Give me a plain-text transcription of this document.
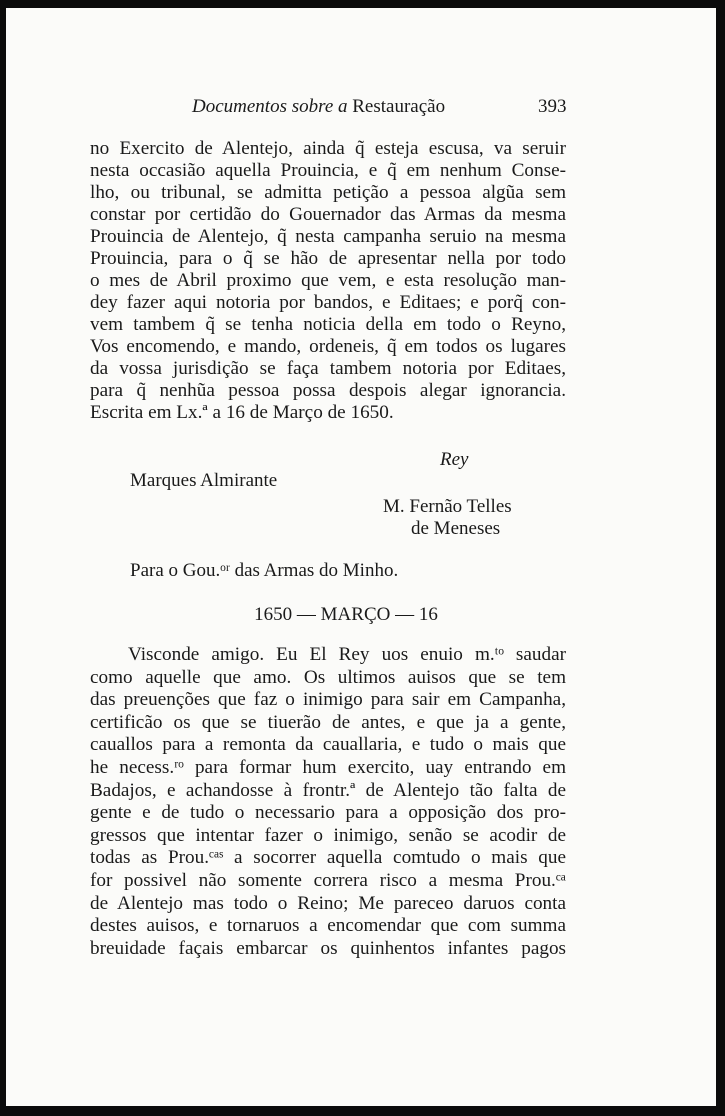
Documentos sobre a Restauração	393
no Exercito de Alentejo, ainda q̃ esteja escusa, va seruir
nesta occasião aquella Prouincia, e q̃ em nenhum Conse-
lho, ou tribunal, se admitta petição a pessoa algũa sem
constar por certidão do Gouernador das Armas da mesma
Prouincia de Alentejo, q̃ nesta campanha seruio na mesma
Prouincia, para o q̃ se hão de apresentar nella por todo
o mes de Abril proximo que vem, e esta resolução man-
dey fazer aqui notoria por bandos, e Editaes; e porq̃ con-
vem tambem q̃ se tenha noticia della em todo o Reyno,
Vos encomendo, e mando, ordeneis, q̃ em todos os lugares
da vossa jurisdição se faça tambem notoria por Editaes,
para q̃ nenhũa pessoa possa despois alegar ignorancia.
Escrita em Lx.ª a 16 de Março de 1650.
Rey
Marques Almirante
M. Fernão Telles
de Meneses
Para o Gou.ᵒʳ das Armas do Minho.
1650 — MARÇO — 16
Visconde amigo. Eu El Rey uos enuio m.ᵗᵒ saudar
como aquelle que amo. Os ultimos auisos que se tem
das preuenções que faz o inimigo para sair em Campanha,
certificão os que se tiuerão de antes, e que ja a gente,
cauallos para a remonta da cauallaria, e tudo o mais que
he necess.ʳᵒ para formar hum exercito, uay entrando em
Badajos, e achandosse à frontr.ª de Alentejo tão falta de
gente e de tudo o necessario para a opposição dos pro-
gressos que intentar fazer o inimigo, senão se acodir de
todas as Prou.ᶜᵃˢ a socorrer aquella comtudo o mais que
for possivel não somente correra risco a mesma Prou.ᶜᵃ
de Alentejo mas todo o Reino; Me pareceo daruos conta
destes auisos, e tornaruos a encomendar que com summa
breuidade façais embarcar os quinhentos infantes pagos
